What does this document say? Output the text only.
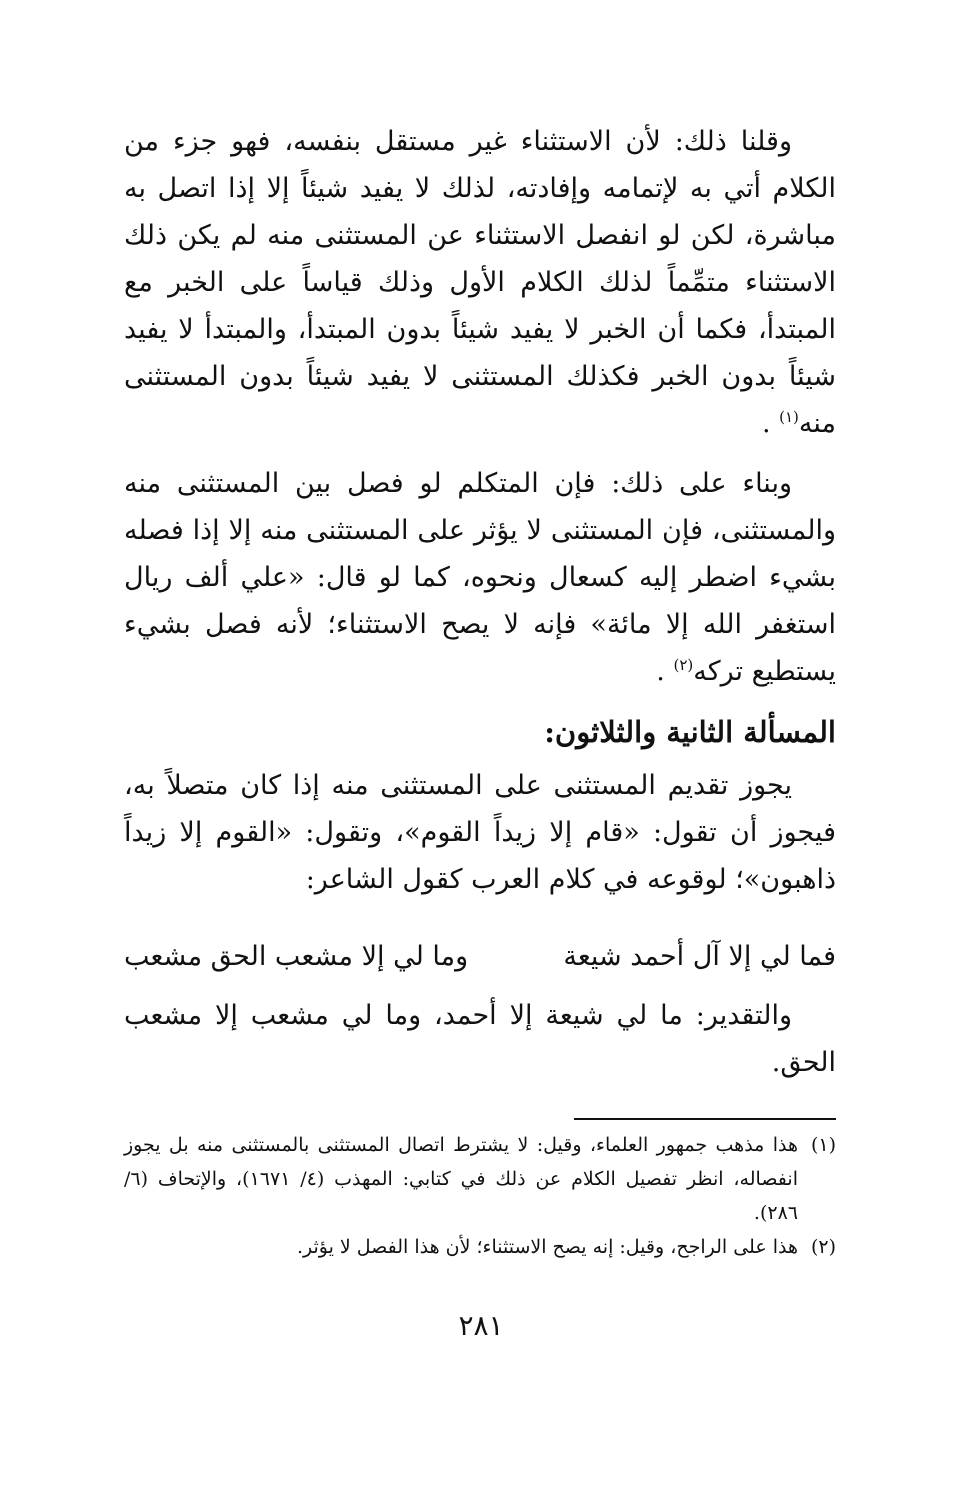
وقلنا ذلك: لأن الاستثناء غير مستقل بنفسه، فهو جزء من الكلام أتي به لإتمامه وإفادته، لذلك لا يفيد شيئاً إلا إذا اتصل به مباشرة، لكن لو انفصل الاستثناء عن المستثنى منه لم يكن ذلك الاستثناء متمِّماً لذلك الكلام الأول وذلك قياساً على الخبر مع المبتدأ، فكما أن الخبر لا يفيد شيئاً بدون المبتدأ، والمبتدأ لا يفيد شيئاً بدون الخبر فكذلك المستثنى لا يفيد شيئاً بدون المستثنى منه$^{(١)}$ .

وبناء على ذلك: فإن المتكلم لو فصل بين المستثنى منه والمستثنى، فإن المستثنى لا يؤثر على المستثنى منه إلا إذا فصله بشيء اضطر إليه كسعال ونحوه، كما لو قال: «علي ألف ريال استغفر الله إلا مائة» فإنه لا يصح الاستثناء؛ لأنه فصل بشيء يستطيع تركه$^{(٢)}$ .

المسألة الثانية والثلاثون:

يجوز تقديم المستثنى على المستثنى منه إذا كان متصلاً به، فيجوز أن تقول: «قام إلا زيداً القوم»، وتقول: «القوم إلا زيداً ذاهبون»؛ لوقوعه في كلام العرب كقول الشاعر:

فما لي إلا آل أحمد شيعة
وما لي إلا مشعب الحق مشعب

والتقدير: ما لي شيعة إلا أحمد، وما لي مشعب إلا مشعب الحق.

(١)
هذا مذهب جمهور العلماء، وقيل: لا يشترط اتصال المستثنى بالمستثنى منه بل يجوز انفصاله، انظر تفصيل الكلام عن ذلك في كتابي: المهذب (٤/ ١٦٧١)، والإتحاف (٦/ ٢٨٦).
(٢)
هذا على الراجح، وقيل: إنه يصح الاستثناء؛ لأن هذا الفصل لا يؤثر.
٢٨١
